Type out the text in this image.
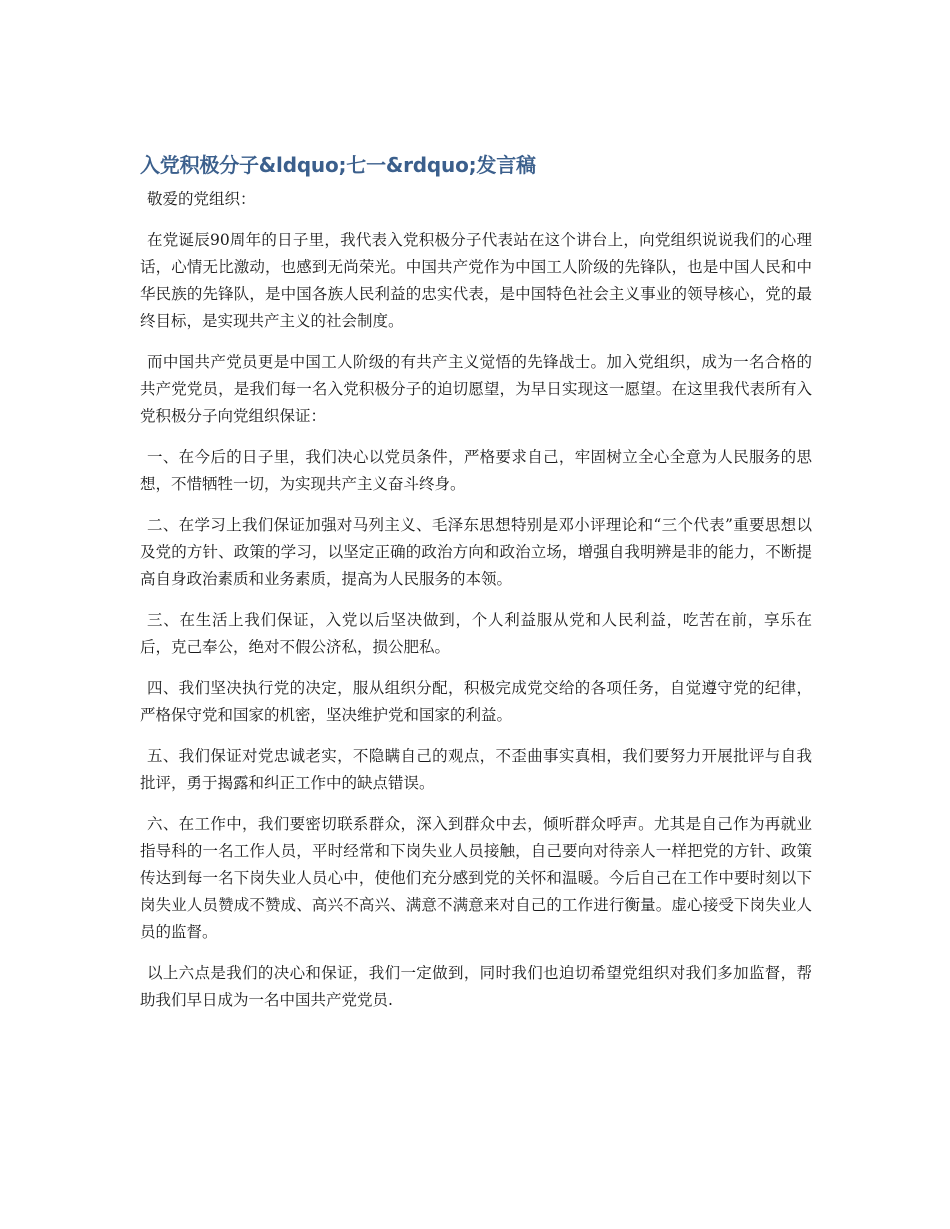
入党积极分子&ldquo;七一&rdquo;发言稿

敬爱的党组织：

在党诞辰90周年的日子里，我代表入党积极分子代表站在这个讲台上，向党组织说说我们的心理话，心情无比激动，也感到无尚荣光。中国共产党作为中国工人阶级的先锋队，也是中国人民和中华民族的先锋队，是中国各族人民利益的忠实代表，是中国特色社会主义事业的领导核心，党的最终目标，是实现共产主义的社会制度。

而中国共产党员更是中国工人阶级的有共产主义觉悟的先锋战士。加入党组织，成为一名合格的共产党党员，是我们每一名入党积极分子的迫切愿望，为早日实现这一愿望。在这里我代表所有入党积极分子向党组织保证：

一、在今后的日子里，我们决心以党员条件，严格要求自己，牢固树立全心全意为人民服务的思想，不惜牺牲一切，为实现共产主义奋斗终身。

二、在学习上我们保证加强对马列主义、毛泽东思想特别是邓小评理论和“三个代表”重要思想以及党的方针、政策的学习，以坚定正确的政治方向和政治立场，增强自我明辨是非的能力，不断提高自身政治素质和业务素质，提高为人民服务的本领。

三、在生活上我们保证，入党以后坚决做到，个人利益服从党和人民利益，吃苦在前，享乐在后，克己奉公，绝对不假公济私，损公肥私。

四、我们坚决执行党的决定，服从组织分配，积极完成党交给的各项任务，自觉遵守党的纪律，严格保守党和国家的机密，坚决维护党和国家的利益。

五、我们保证对党忠诚老实，不隐瞒自己的观点，不歪曲事实真相，我们要努力开展批评与自我批评，勇于揭露和纠正工作中的缺点错误。

六、在工作中，我们要密切联系群众，深入到群众中去，倾听群众呼声。尤其是自己作为再就业指导科的一名工作人员，平时经常和下岗失业人员接触，自己要向对待亲人一样把党的方针、政策传达到每一名下岗失业人员心中，使他们充分感到党的关怀和温暖。今后自己在工作中要时刻以下岗失业人员赞成不赞成、高兴不高兴、满意不满意来对自己的工作进行衡量。虚心接受下岗失业人员的监督。

以上六点是我们的决心和保证，我们一定做到，同时我们也迫切希望党组织对我们多加监督，帮助我们早日成为一名中国共产党党员.
